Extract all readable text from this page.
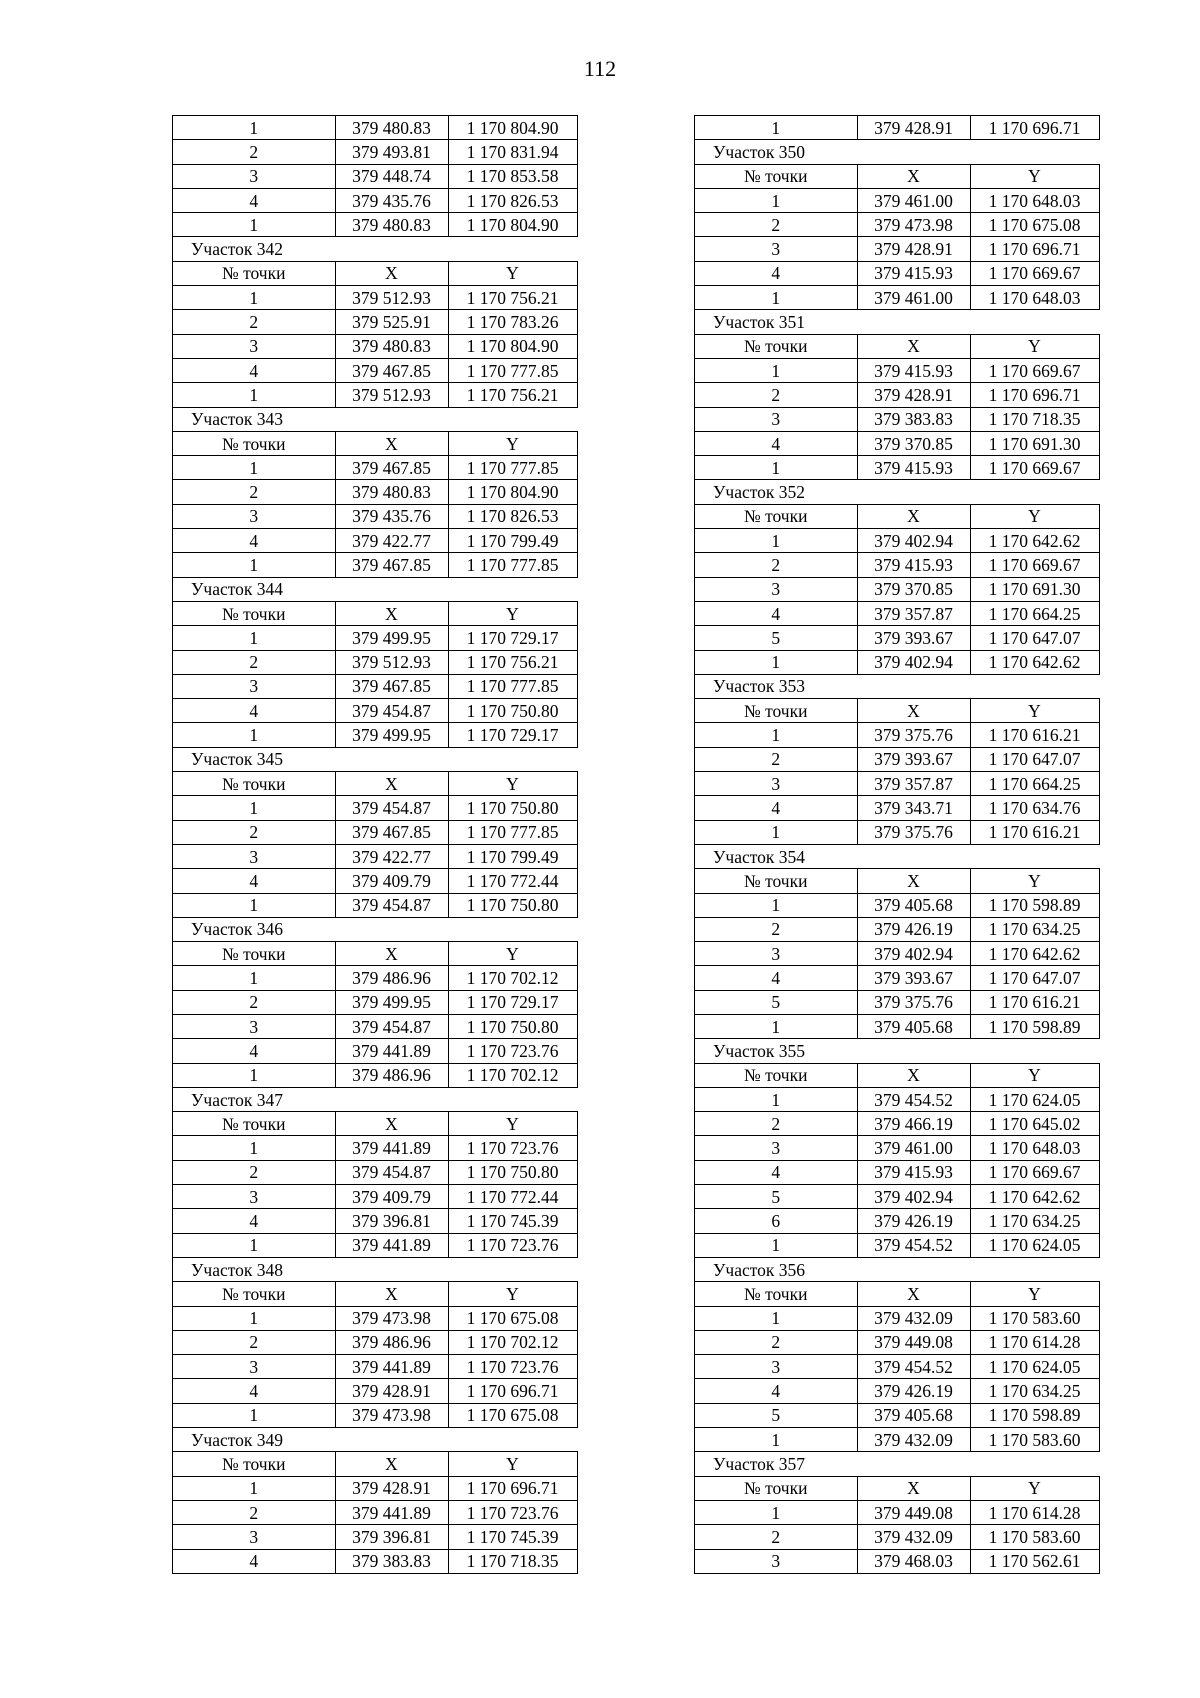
112
1	379 480.83	1 170 804.90
2	379 493.81	1 170 831.94
3	379 448.74	1 170 853.58
4	379 435.76	1 170 826.53
1	379 480.83	1 170 804.90
Участок 342		
№ точки	X	Y
1	379 512.93	1 170 756.21
2	379 525.91	1 170 783.26
3	379 480.83	1 170 804.90
4	379 467.85	1 170 777.85
1	379 512.93	1 170 756.21
Участок 343		
№ точки	X	Y
1	379 467.85	1 170 777.85
2	379 480.83	1 170 804.90
3	379 435.76	1 170 826.53
4	379 422.77	1 170 799.49
1	379 467.85	1 170 777.85
Участок 344		
№ точки	X	Y
1	379 499.95	1 170 729.17
2	379 512.93	1 170 756.21
3	379 467.85	1 170 777.85
4	379 454.87	1 170 750.80
1	379 499.95	1 170 729.17
Участок 345		
№ точки	X	Y
1	379 454.87	1 170 750.80
2	379 467.85	1 170 777.85
3	379 422.77	1 170 799.49
4	379 409.79	1 170 772.44
1	379 454.87	1 170 750.80
Участок 346		
№ точки	X	Y
1	379 486.96	1 170 702.12
2	379 499.95	1 170 729.17
3	379 454.87	1 170 750.80
4	379 441.89	1 170 723.76
1	379 486.96	1 170 702.12
Участок 347		
№ точки	X	Y
1	379 441.89	1 170 723.76
2	379 454.87	1 170 750.80
3	379 409.79	1 170 772.44
4	379 396.81	1 170 745.39
1	379 441.89	1 170 723.76
Участок 348		
№ точки	X	Y
1	379 473.98	1 170 675.08
2	379 486.96	1 170 702.12
3	379 441.89	1 170 723.76
4	379 428.91	1 170 696.71
1	379 473.98	1 170 675.08
Участок 349		
№ точки	X	Y
1	379 428.91	1 170 696.71
2	379 441.89	1 170 723.76
3	379 396.81	1 170 745.39
4	379 383.83	1 170 718.35
1	379 428.91	1 170 696.71
Участок 350		
№ точки	X	Y
1	379 461.00	1 170 648.03
2	379 473.98	1 170 675.08
3	379 428.91	1 170 696.71
4	379 415.93	1 170 669.67
1	379 461.00	1 170 648.03
Участок 351		
№ точки	X	Y
1	379 415.93	1 170 669.67
2	379 428.91	1 170 696.71
3	379 383.83	1 170 718.35
4	379 370.85	1 170 691.30
1	379 415.93	1 170 669.67
Участок 352		
№ точки	X	Y
1	379 402.94	1 170 642.62
2	379 415.93	1 170 669.67
3	379 370.85	1 170 691.30
4	379 357.87	1 170 664.25
5	379 393.67	1 170 647.07
1	379 402.94	1 170 642.62
Участок 353		
№ точки	X	Y
1	379 375.76	1 170 616.21
2	379 393.67	1 170 647.07
3	379 357.87	1 170 664.25
4	379 343.71	1 170 634.76
1	379 375.76	1 170 616.21
Участок 354		
№ точки	X	Y
1	379 405.68	1 170 598.89
2	379 426.19	1 170 634.25
3	379 402.94	1 170 642.62
4	379 393.67	1 170 647.07
5	379 375.76	1 170 616.21
1	379 405.68	1 170 598.89
Участок 355		
№ точки	X	Y
1	379 454.52	1 170 624.05
2	379 466.19	1 170 645.02
3	379 461.00	1 170 648.03
4	379 415.93	1 170 669.67
5	379 402.94	1 170 642.62
6	379 426.19	1 170 634.25
1	379 454.52	1 170 624.05
Участок 356		
№ точки	X	Y
1	379 432.09	1 170 583.60
2	379 449.08	1 170 614.28
3	379 454.52	1 170 624.05
4	379 426.19	1 170 634.25
5	379 405.68	1 170 598.89
1	379 432.09	1 170 583.60
Участок 357		
№ точки	X	Y
1	379 449.08	1 170 614.28
2	379 432.09	1 170 583.60
3	379 468.03	1 170 562.61
